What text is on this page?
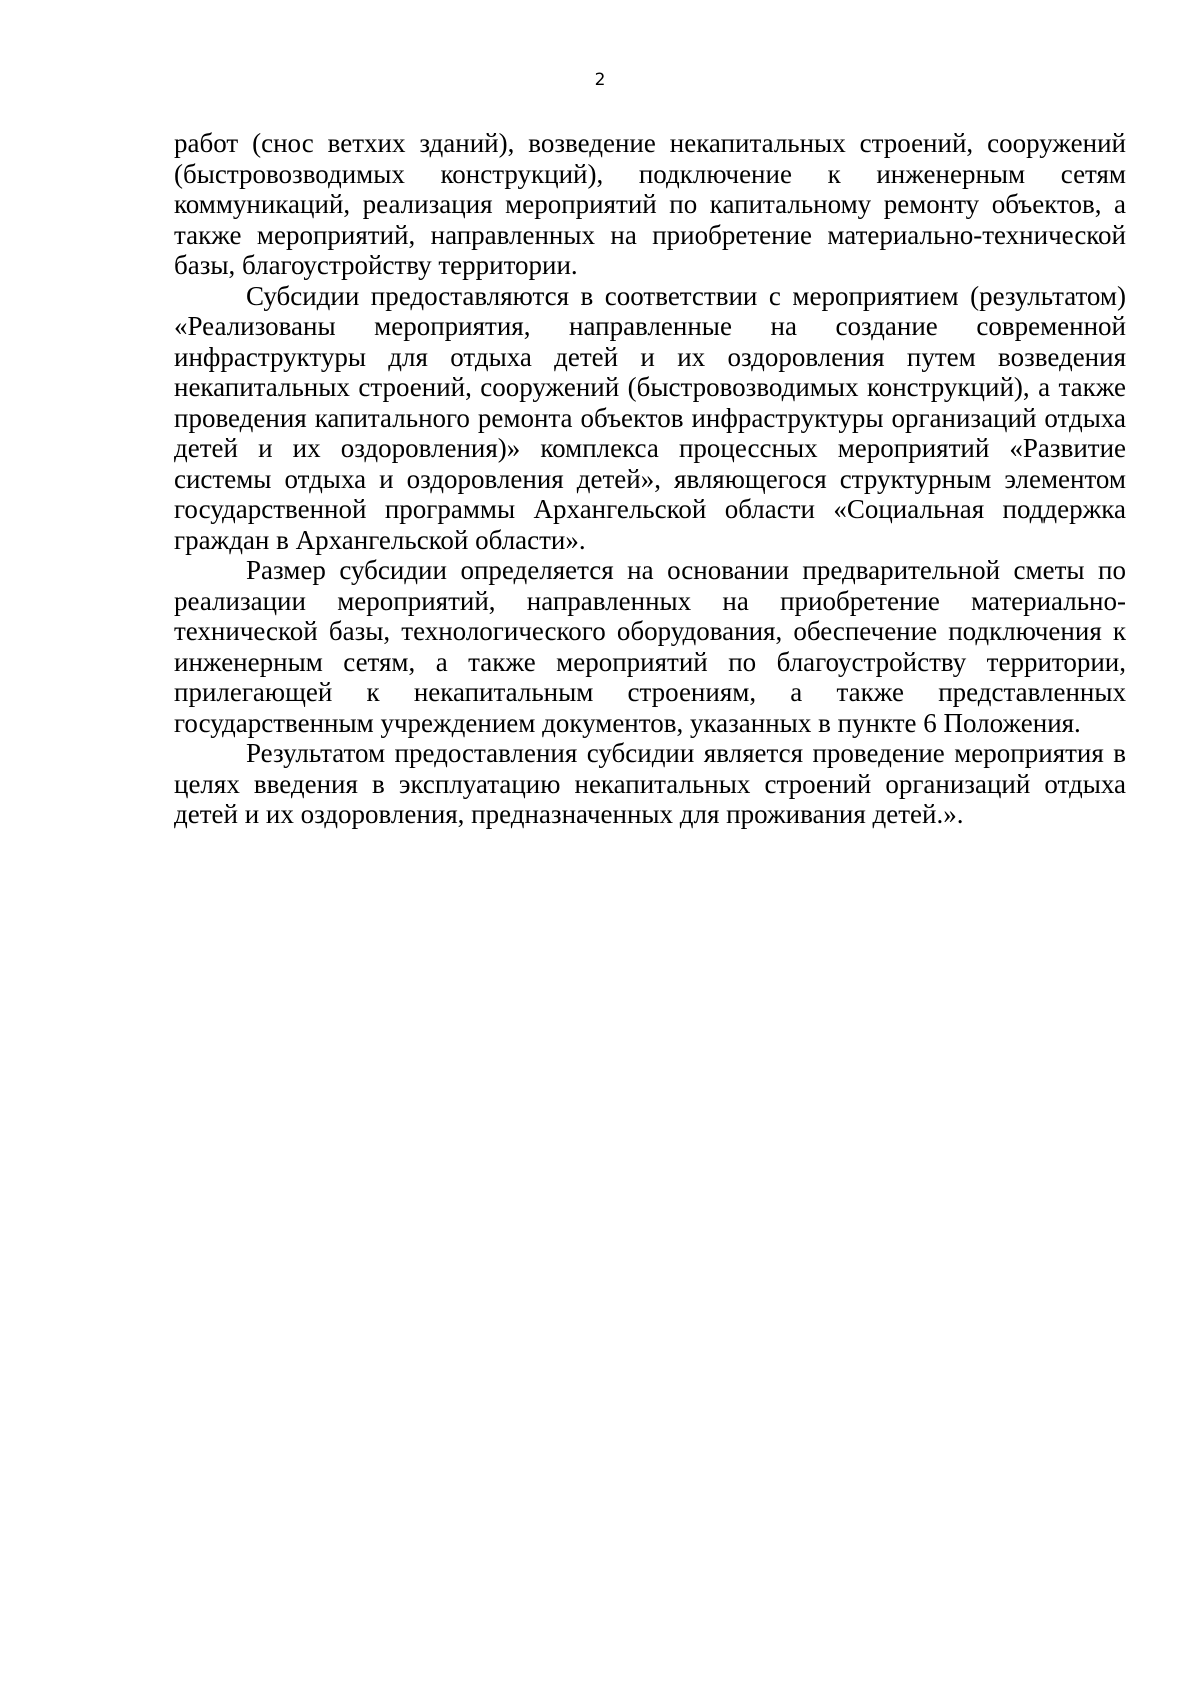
2

работ (снос ветхих зданий), возведение некапитальных строений, сооружений (быстровозводимых конструкций), подключение к инженерным сетям коммуникаций, реализация мероприятий по капитальному ремонту объектов, а также мероприятий, направленных на приобретение материально-технической базы, благоустройству территории.

Субсидии предоставляются в соответствии с мероприятием (результатом) «Реализованы мероприятия, направленные на создание современной инфраструктуры для отдыха детей и их оздоровления путем возведения некапитальных строений, сооружений (быстровозводимых конструкций), а также проведения капитального ремонта объектов инфраструктуры организаций отдыха детей и их оздоровления)» комплекса процессных мероприятий «Развитие системы отдыха и оздоровления детей», являющегося структурным элементом государственной программы Архангельской области «Социальная поддержка граждан в Архангельской области».

Размер субсидии определяется на основании предварительной сметы по реализации мероприятий, направленных на приобретение материально-технической базы, технологического оборудования, обеспечение подключения к инженерным сетям, а также мероприятий по благоустройству территории, прилегающей к некапитальным строениям, а также представленных государственным учреждением документов, указанных в пункте 6 Положения.

Результатом предоставления субсидии является проведение мероприятия в целях введения в эксплуатацию некапитальных строений организаций отдыха детей и их оздоровления, предназначенных для проживания детей.».
